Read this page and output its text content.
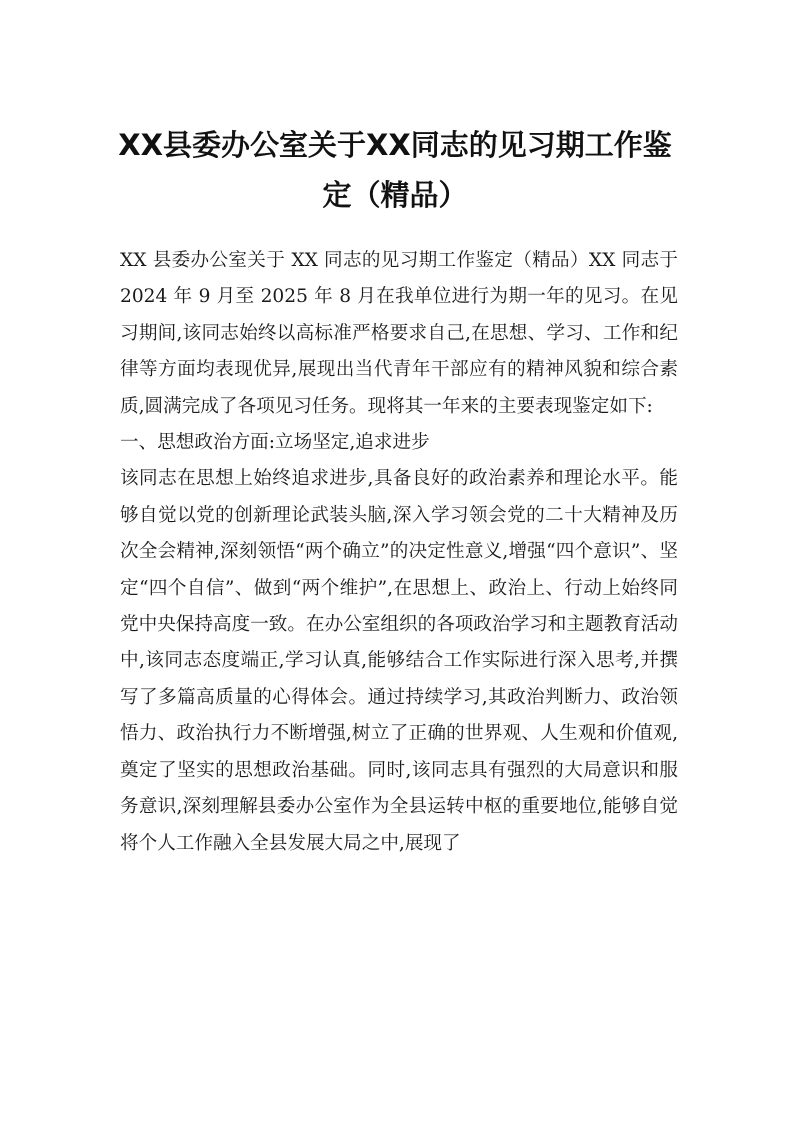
XX县委办公室关于XX同志的见习期工作鉴定（精品）

XX 县委办公室关于 XX 同志的见习期工作鉴定（精品）XX 同志于 2024 年 9 月至 2025 年 8 月在我单位进行为期一年的见习。在见习期间,该同志始终以高标准严格要求自己,在思想、学习、工作和纪律等方面均表现优异,展现出当代青年干部应有的精神风貌和综合素质,圆满完成了各项见习任务。现将其一年来的主要表现鉴定如下:

一、思想政治方面:立场坚定,追求进步

该同志在思想上始终追求进步,具备良好的政治素养和理论水平。能够自觉以党的创新理论武装头脑,深入学习领会党的二十大精神及历次全会精神,深刻领悟“两个确立”的决定性意义,增强“四个意识”、坚定“四个自信”、做到“两个维护”,在思想上、政治上、行动上始终同党中央保持高度一致。在办公室组织的各项政治学习和主题教育活动中,该同志态度端正,学习认真,能够结合工作实际进行深入思考,并撰写了多篇高质量的心得体会。通过持续学习,其政治判断力、政治领悟力、政治执行力不断增强,树立了正确的世界观、人生观和价值观,奠定了坚实的思想政治基础。同时,该同志具有强烈的大局意识和服务意识,深刻理解县委办公室作为全县运转中枢的重要地位,能够自觉将个人工作融入全县发展大局之中,展现了
